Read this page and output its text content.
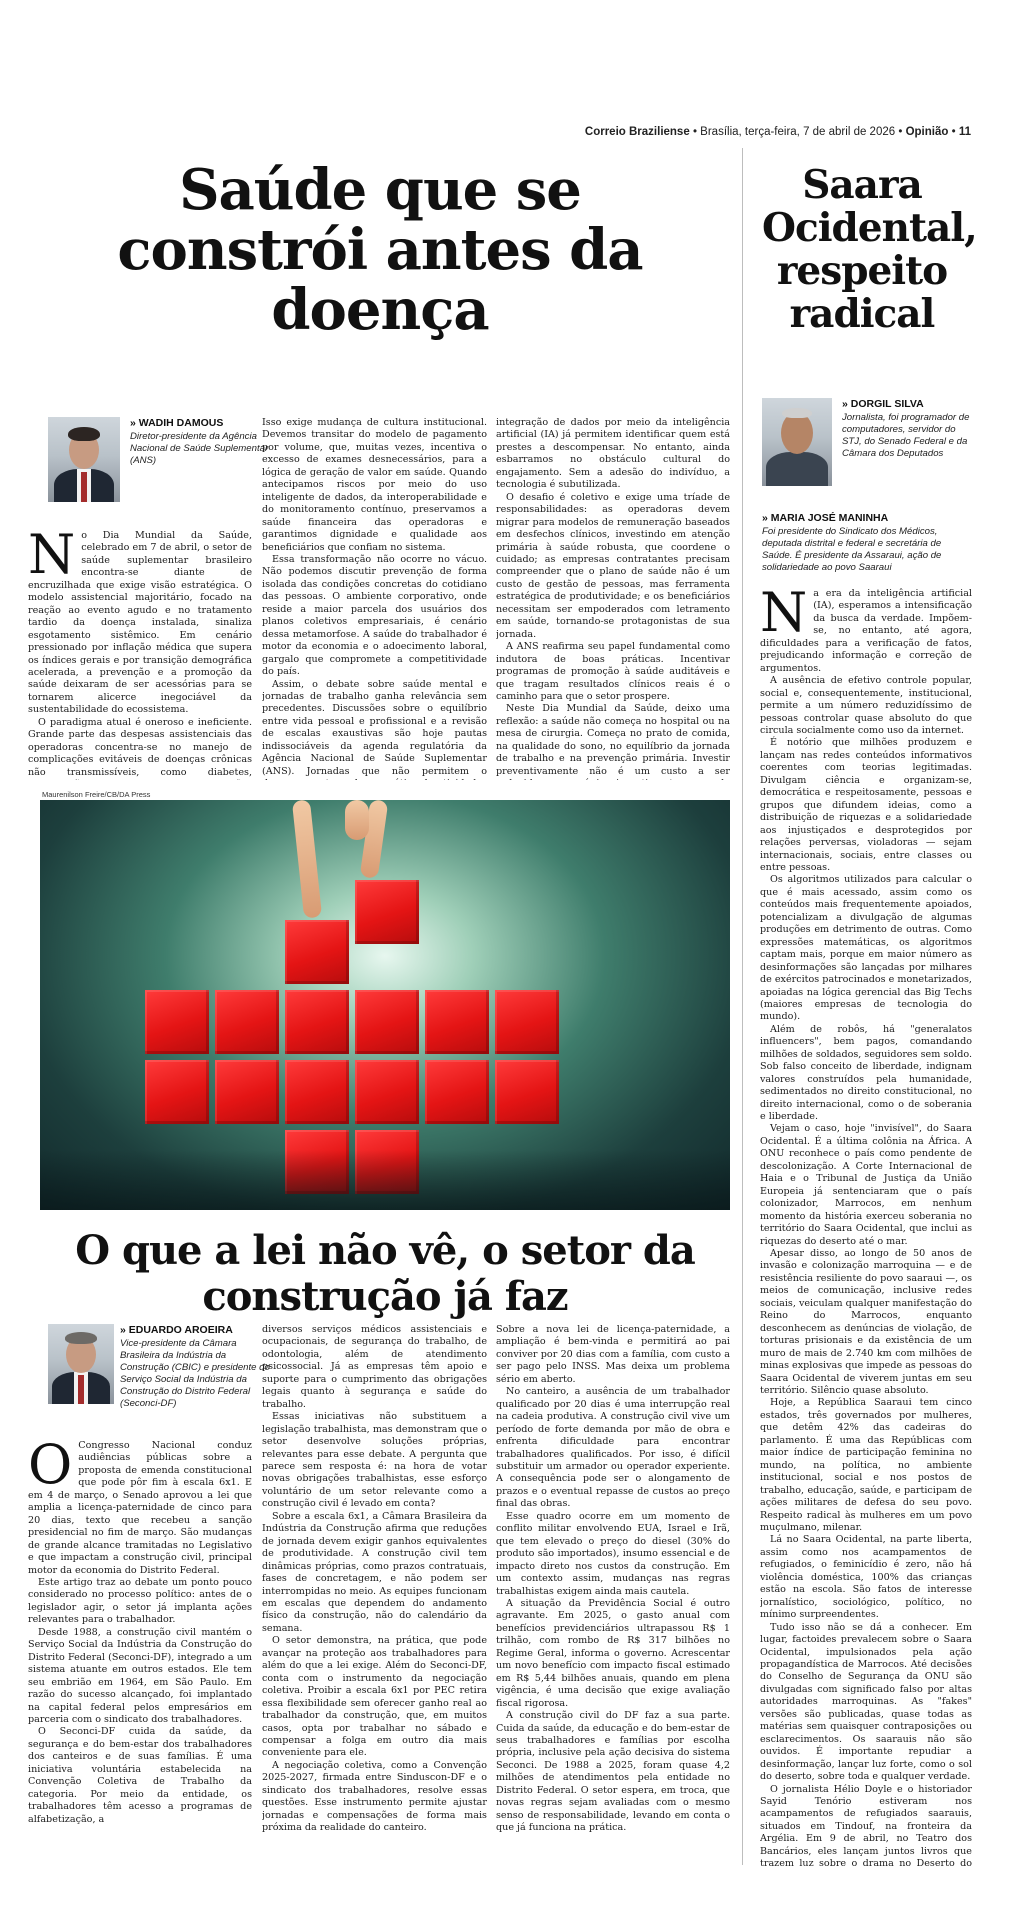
Correio Braziliense • Brasília, terça-feira, 7 de abril de 2026 • Opinião • 11
Saúde que se constrói antes da doença
» WADIH DAMOUS
Diretor-presidente da Agência Nacional de Saúde Suplementar (ANS)
N o Dia Mundial da Saúde, celebrado em 7 de abril, o setor de saúde suplementar brasileiro encontra-se diante de encruzilhada que exige visão estratégica. O modelo assistencial majoritário, focado na reação ao evento agudo e no tratamento tardio da doença instalada, sinaliza esgotamento sistêmico. Em cenário pressionado por inflação médica que supera os índices gerais e por transição demográfica acelerada, a prevenção e a promoção da saúde deixaram de ser acessórias para se tornarem alicerce inegociável da sustentabilidade do ecossistema.

O paradigma atual é oneroso e ineficiente. Grande parte das despesas assistenciais das operadoras concentra-se no manejo de complicações evitáveis de doenças crônicas não transmissíveis, como diabetes,

Isso exige mudança de cultura institucional. Devemos transitar do modelo de pagamento por volume, que, muitas vezes, incentiva o excesso de exames desnecessários, para a lógica de geração de valor em saúde. Quando antecipamos riscos por meio do uso inteligente de dados, da interoperabilidade e do monitoramento contínuo, preservamos a saúde financeira das operadoras e garantimos dignidade e qualidade aos beneficiários que confiam no sistema.

Essa transformação não ocorre no vácuo. Não podemos discutir prevenção de forma isolada das condições concretas do cotidiano das pessoas. O ambiente corporativo, onde reside a maior parcela dos usuários dos planos coletivos empresariais, é cenário dessa metamorfose. A saúde do trabalhador é motor da economia e o adoecimento laboral, gargalo que compromete a competitividade do país.

Assim, o debate sobre saúde mental e jornadas de trabalho ganha relevância sem precedentes. Discussões sobre o equilíbrio entre vida pessoal e profissional e a revisão de escalas exaustivas são hoje pautas indissociáveis da agenda regulatória da Agência Nacional de Saúde Suplementar (ANS). Jornadas que não permitem o

integração de dados por meio da inteligência artificial (IA) já permitem identificar quem está prestes a descompensar. No entanto, ainda esbarramos no obstáculo cultural do engajamento. Sem a adesão do indivíduo, a tecnologia é subutilizada.

O desafio é coletivo e exige uma tríade de responsabilidades: as operadoras devem migrar para modelos de remuneração baseados em desfechos clínicos, investindo em atenção primária à saúde robusta, que coordene o cuidado; as empresas contratantes precisam compreender que o plano de saúde não é um custo de gestão de pessoas, mas ferramenta estratégica de produtividade; e os beneficiários necessitam ser empoderados com letramento em saúde, tornando-se protagonistas de sua jornada.

A ANS reafirma seu papel fundamental como indutora de boas práticas. Incentivar programas de promoção à saúde auditáveis e que tragam resultados clínicos reais é o caminho para que o setor prospere.

Neste Dia Mundial da Saúde, deixo uma reflexão: a saúde não começa no hospital ou na mesa de cirurgia. Começa no prato de comida, na qualidade do sono, no equilíbrio da jornada de trabalho e na prevenção primária. Investir preventivamente não é um custo a ser

Maurenilson Freire/CB/DA Press
O que a lei não vê, o setor da construção já faz
» EDUARDO AROEIRA
Vice-presidente da Câmara Brasileira da Indústria da Construção (CBIC) e presidente do Serviço Social da Indústria da Construção do Distrito Federal (Seconci-DF)
O Congresso Nacional conduz audiências públicas sobre a proposta de emenda constitucional que pode pôr fim à escala 6x1. E em 4 de março, o Senado aprovou a lei que amplia a licença-paternidade de cinco para 20 dias, texto que recebeu a sanção presidencial no fim de março. São mudanças de grande alcance tramitadas no Legislativo e que impactam a construção civil, principal motor da economia do Distrito Federal.

Este artigo traz ao debate um ponto pouco considerado no processo político: antes de o legislador agir, o setor já implanta ações relevantes para o trabalhador.

Desde 1988, a construção civil mantém o Serviço Social da Indústria da Construção do Distrito Federal (Seconci-DF), integrado a um sistema atuante em outros estados. Ele tem seu embrião em 1964, em São Paulo. Em razão do sucesso alcançado, foi implantado na capital federal pelos empresários em parceria com o sindicato dos trabalhadores.

O Seconci-DF cuida da saúde, da segurança e do bem-estar dos trabalhadores dos canteiros e de suas famílias. É uma iniciativa voluntária estabelecida na Convenção Coletiva de Trabalho da categoria. Por meio da entidade, os trabalhadores têm acesso a programas de alfabetização, a

diversos serviços médicos assistenciais e ocupacionais, de segurança do trabalho, de odontologia, além de atendimento psicossocial. Já as empresas têm apoio e suporte para o cumprimento das obrigações legais quanto à segurança e saúde do trabalho.

Essas iniciativas não substituem a legislação trabalhista, mas demonstram que o setor desenvolve soluções próprias, relevantes para esse debate. A pergunta que parece sem resposta é: na hora de votar novas obrigações trabalhistas, esse esforço voluntário de um setor relevante como a construção civil é levado em conta?

Sobre a escala 6x1, a Câmara Brasileira da Indústria da Construção afirma que reduções de jornada devem exigir ganhos equivalentes de produtividade. A construção civil tem dinâmicas próprias, como prazos contratuais, fases de concretagem, e não podem ser interrompidas no meio. As equipes funcionam em escalas que dependem do andamento físico da construção, não do calendário da semana.

O setor demonstra, na prática, que pode avançar na proteção aos trabalhadores para além do que a lei exige. Além do Seconci-DF, conta com o instrumento da negociação coletiva. Proibir a escala 6x1 por PEC retira essa flexibilidade sem oferecer ganho real ao trabalhador da construção, que, em muitos casos, opta por trabalhar no sábado e compensar a folga em outro dia mais conveniente para ele.

A negociação coletiva, como a Convenção 2025-2027, firmada entre Sinduscon-DF e o sindicato dos trabalhadores, resolve essas questões. Esse instrumento permite ajustar jornadas e compensações de forma mais próxima da realidade do canteiro.

Sobre a nova lei de licença-paternidade, a ampliação é bem-vinda e permitirá ao pai conviver por 20 dias com a família, com custo a ser pago pelo INSS. Mas deixa um problema sério em aberto.

No canteiro, a ausência de um trabalhador qualificado por 20 dias é uma interrupção real na cadeia produtiva. A construção civil vive um período de forte demanda por mão de obra e enfrenta dificuldade para encontrar trabalhadores qualificados. Por isso, é difícil substituir um armador ou operador experiente. A consequência pode ser o alongamento de prazos e o eventual repasse de custos ao preço final das obras.

Esse quadro ocorre em um momento de conflito militar envolvendo EUA, Israel e Irã, que tem elevado o preço do diesel (30% do produto são importados), insumo essencial e de impacto direto nos custos da construção. Em um contexto assim, mudanças nas regras trabalhistas exigem ainda mais cautela.

A situação da Previdência Social é outro agravante. Em 2025, o gasto anual com benefícios previdenciários ultrapassou R$ 1 trilhão, com rombo de R$ 317 bilhões no Regime Geral, informa o governo. Acrescentar um novo benefício com impacto fiscal estimado em R$ 5,44 bilhões anuais, quando em plena vigência, é uma decisão que exige avaliação fiscal rigorosa.

A construção civil do DF faz a sua parte. Cuida da saúde, da educação e do bem-estar de seus trabalhadores e famílias por escolha própria, inclusive pela ação decisiva do sistema Seconci. De 1988 a 2025, foram quase 4,2 milhões de atendimentos pela entidade no Distrito Federal. O setor espera, em troca, que novas regras sejam avaliadas com o mesmo senso de responsabilidade, levando em conta o que já funciona na prática.

Saara Ocidental, respeito radical
» DORGIL SILVA
Jornalista, foi programador de computadores, servidor do STJ, do Senado Federal e da Câmara dos Deputados
» MARIA JOSÉ MANINHA
Foi presidente do Sindicato dos Médicos, deputada distrital e federal e secretária de Saúde. É presidente da Assaraui, ação de solidariedade ao povo Saaraui
N a era da inteligência artificial (IA), esperamos a intensificação da busca da verdade. Impõem-se, no entanto, até agora, dificuldades para a verificação de fatos, prejudicando informação e correção de argumentos.

A ausência de efetivo controle popular, social e, consequentemente, institucional, permite a um número reduzidíssimo de pessoas controlar quase absoluto do que circula socialmente como uso da internet.

É notório que milhões produzem e lançam nas redes conteúdos informativos coerentes com teorias legitimadas. Divulgam ciência e organizam-se, democrática e respeitosamente, pessoas e grupos que difundem ideias, como a distribuição de riquezas e a solidariedade aos injustiçados e desprotegidos por relações perversas, violadoras — sejam internacionais, sociais, entre classes ou entre pessoas.

Os algoritmos utilizados para calcular o que é mais acessado, assim como os conteúdos mais frequentemente apoiados, potencializam a divulgação de algumas produções em detrimento de outras. Como expressões matemáticas, os algoritmos captam mais, porque em maior número as desinformações são lançadas por milhares de exércitos patrocinados e monetarizados, apoiadas na lógica gerencial das Big Techs (maiores empresas de tecnologia do mundo).

Além de robôs, há "generalatos influencers", bem pagos, comandando milhões de soldados, seguidores sem soldo. Sob falso conceito de liberdade, indignam valores construídos pela humanidade, sedimentados no direito constitucional, no direito internacional, como o de soberania e liberdade.

Vejam o caso, hoje "invisível", do Saara Ocidental. É a última colônia na África. A ONU reconhece o país como pendente de descolonização. A Corte Internacional de Haia e o Tribunal de Justiça da União Europeia já sentenciaram que o país colonizador, Marrocos, em nenhum momento da história exerceu soberania no território do Saara Ocidental, que inclui as riquezas do deserto até o mar.

Apesar disso, ao longo de 50 anos de invasão e colonização marroquina — e de resistência resiliente do povo saaraui —, os meios de comunicação, inclusive redes sociais, veiculam qualquer manifestação do Reino do Marrocos, enquanto desconhecem as denúncias de violação, de torturas prisionais e da existência de um muro de mais de 2.740 km com milhões de minas explosivas que impede as pessoas do Saara Ocidental de viverem juntas em seu território. Silêncio quase absoluto.

Hoje, a República Saaraui tem cinco estados, três governados por mulheres, que detêm 42% das cadeiras do parlamento. É uma das Repúblicas com maior índice de participação feminina no mundo, na política, no ambiente institucional, social e nos postos de trabalho, educação, saúde, e participam de ações militares de defesa do seu povo. Respeito radical às mulheres em um povo muçulmano, milenar.

Lá no Saara Ocidental, na parte liberta, assim como nos acampamentos de refugiados, o feminicídio é zero, não há violência doméstica, 100% das crianças estão na escola. São fatos de interesse jornalístico, sociológico, político, no mínimo surpreendentes.

Tudo isso não se dá a conhecer. Em lugar, factoides prevalecem sobre o Saara Ocidental, impulsionados pela ação propagandística de Marrocos. Até decisões do Conselho de Segurança da ONU são divulgadas com significado falso por altas autoridades marroquinas. As "fakes" versões são publicadas, quase todas as matérias sem quaisquer contraposições ou esclarecimentos. Os saarauis não são ouvidos. É importante repudiar a desinformação, lançar luz forte, como o sol do deserto, sobre toda e qualquer verdade.

O jornalista Hélio Doyle e o historiador Sayid Tenório estiveram nos acampamentos de refugiados saarauis, situados em Tindouf, na fronteira da Argélia. Em 9 de abril, no Teatro dos Bancários, eles lançam juntos livros que trazem luz sobre o drama no Deserto do
